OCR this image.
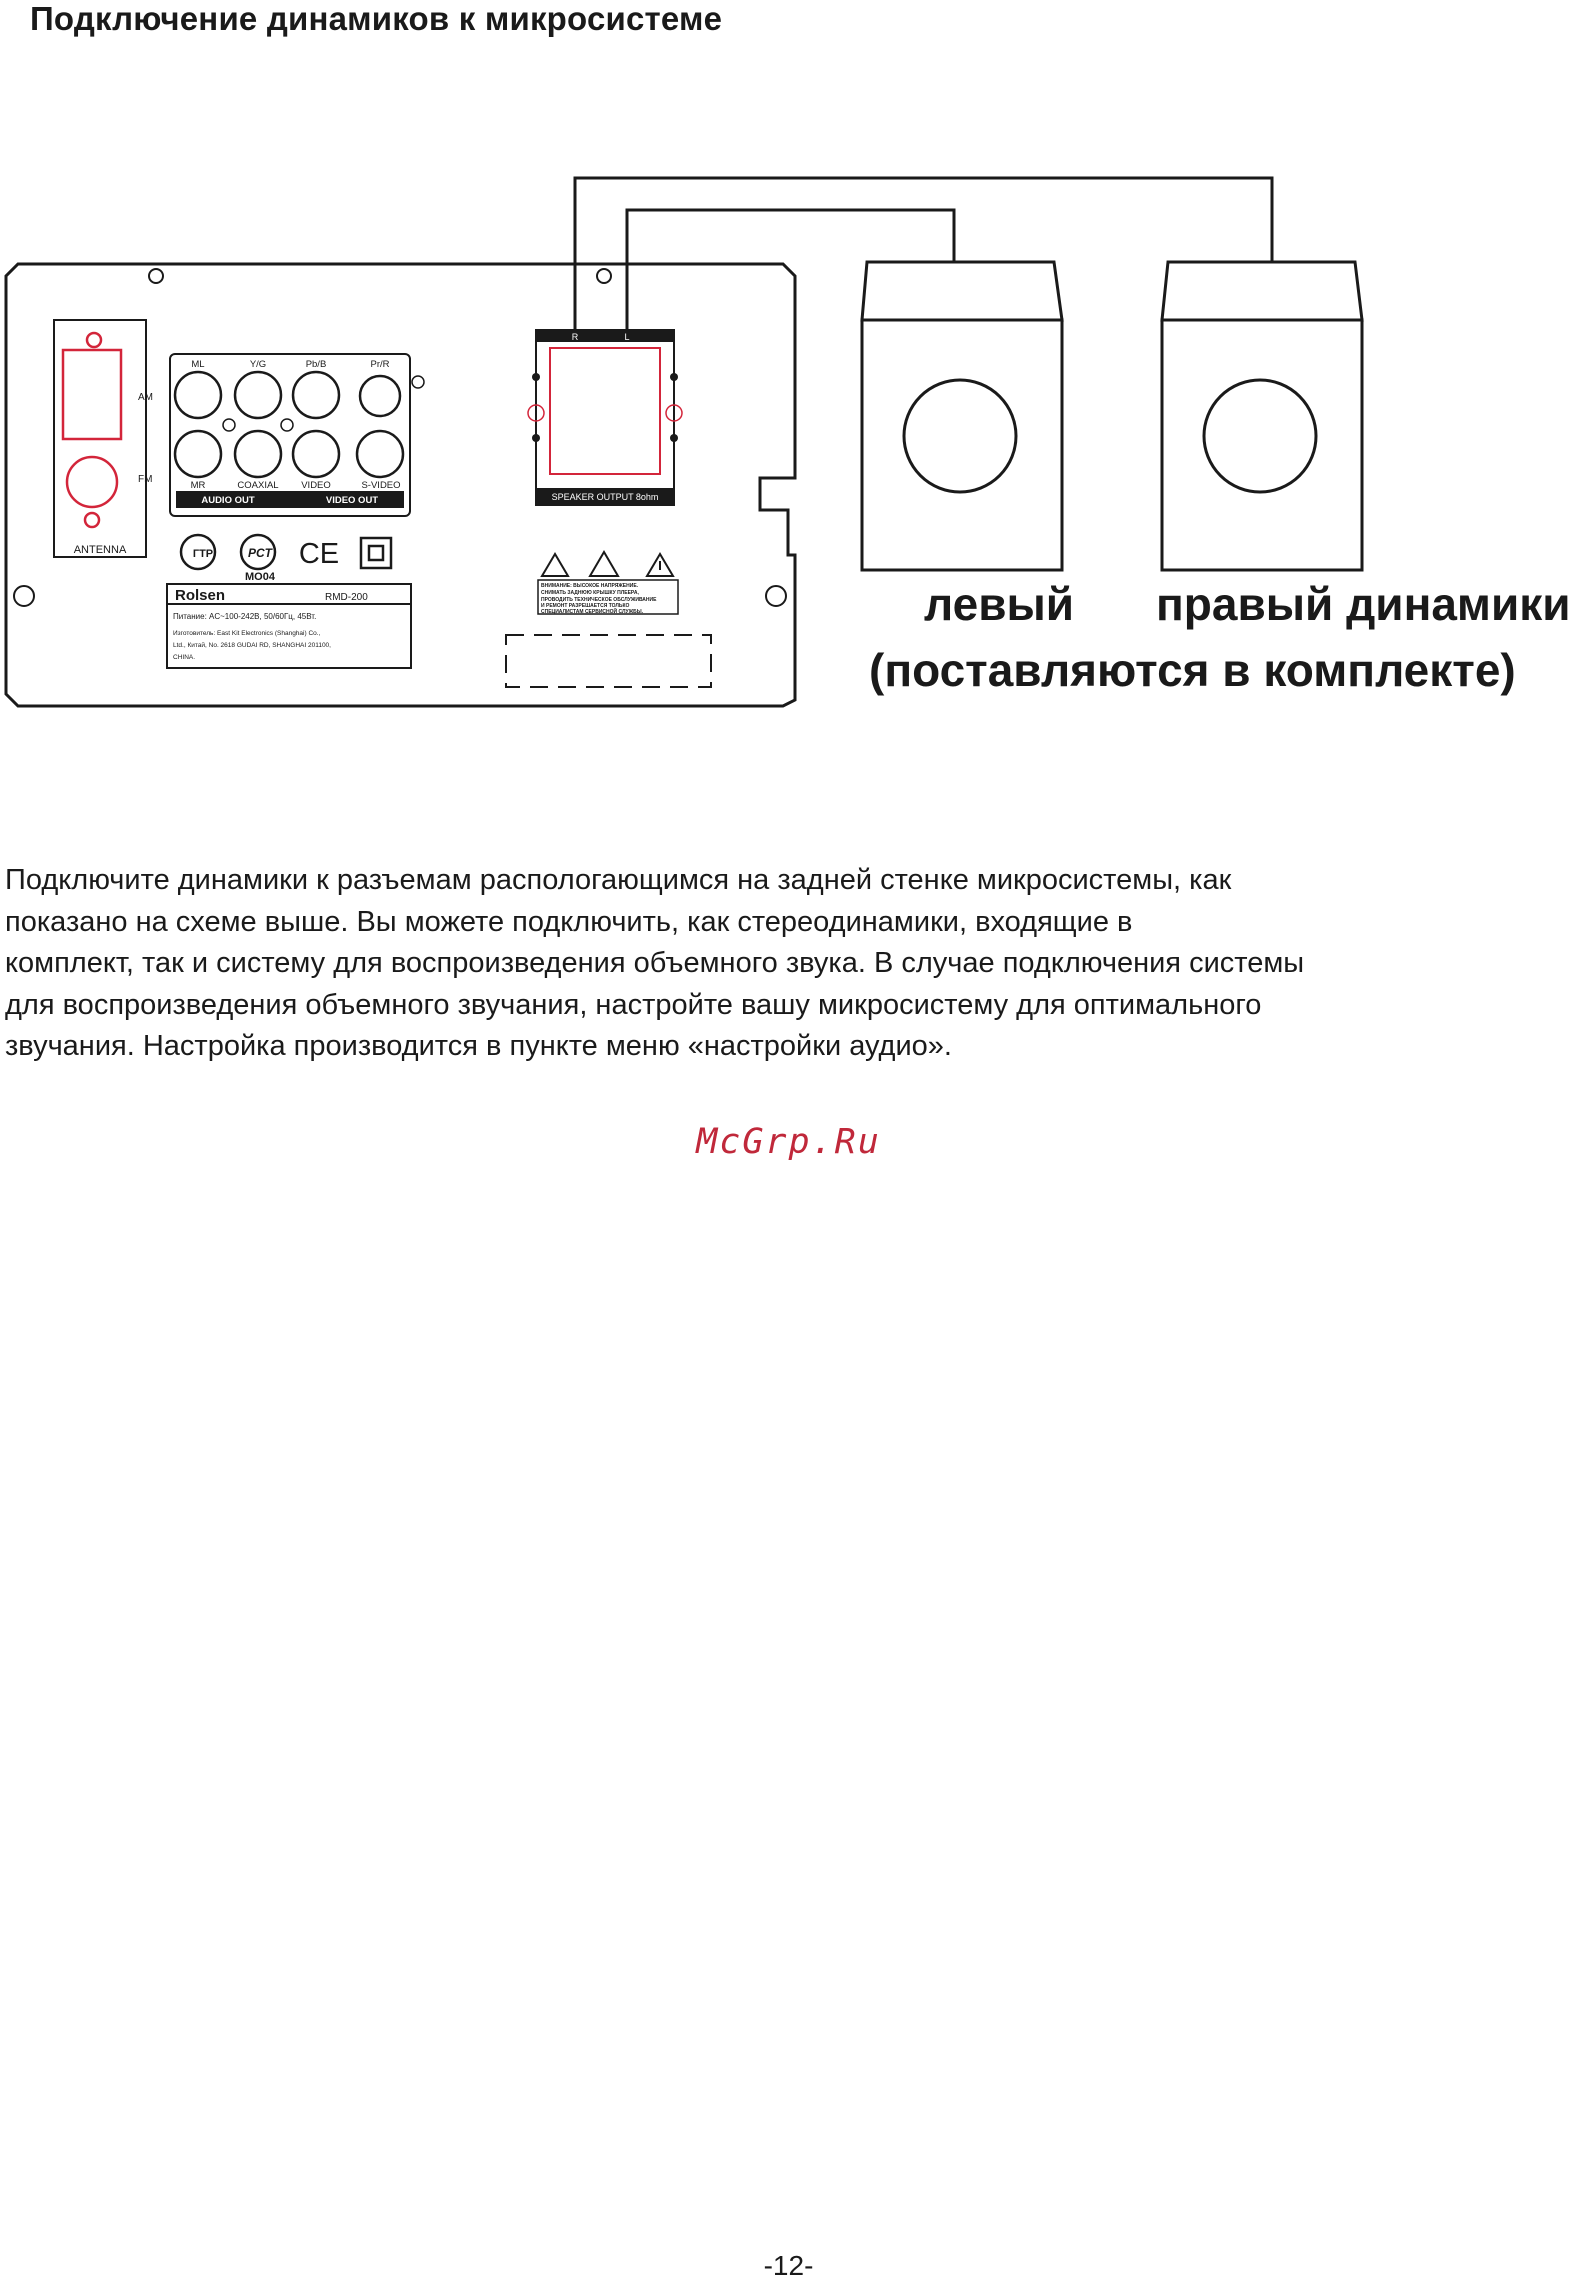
Подключение динамиков к микросистеме
AM
FM
ANTENNA
ML	Y/G	Pb/B	Pr/R
MR	COAXIAL VIDEO	S-VIDEO
AUDIO OUT	VIDEO OUT
ГТР	PCT CE
MO04
Rolsen	RMD-200
Питание: AC~100-242В, 50/60Гц, 45Вт.
Изготовитель: East Kit Electronics (Shanghai) Co.,
Ltd., Китай, No. 2618 GUDAI RD, SHANGHAI 201100,
CHINA.
R	L
SPEAKER OUTPUT 8ohm
ВНИМАНИЕ: ВЫСОКОЕ НАПРЯЖЕНИЕ.
СНИМАТЬ ЗАДНЮЮ КРЫШКУ ПЛЕЕРА,
ПРОВОДИТЬ ТЕХНИЧЕСКОЕ ОБСЛУЖИВАНИЕ
И РЕМОНТ РАЗРЕШАЕТСЯ ТОЛЬКО
СПЕЦИАЛИСТАМ СЕРВИСНОЙ СЛУЖБЫ.	левый правый динамики
(поставляются в комплекте)

Подключите динамики к разъемам распологающимся на задней стенке микросистемы, как
показано на схеме выше. Вы можете подключить, как стереодинамики, входящие в
комплект, так и систему для воспроизведения объемного звука. В случае подключения системы
для воспроизведения объемного звучания, настройте вашу микросистему для оптимального
звучания. Настройка производится в пункте меню «настройки аудио».

McGrp.Ru
-12-
